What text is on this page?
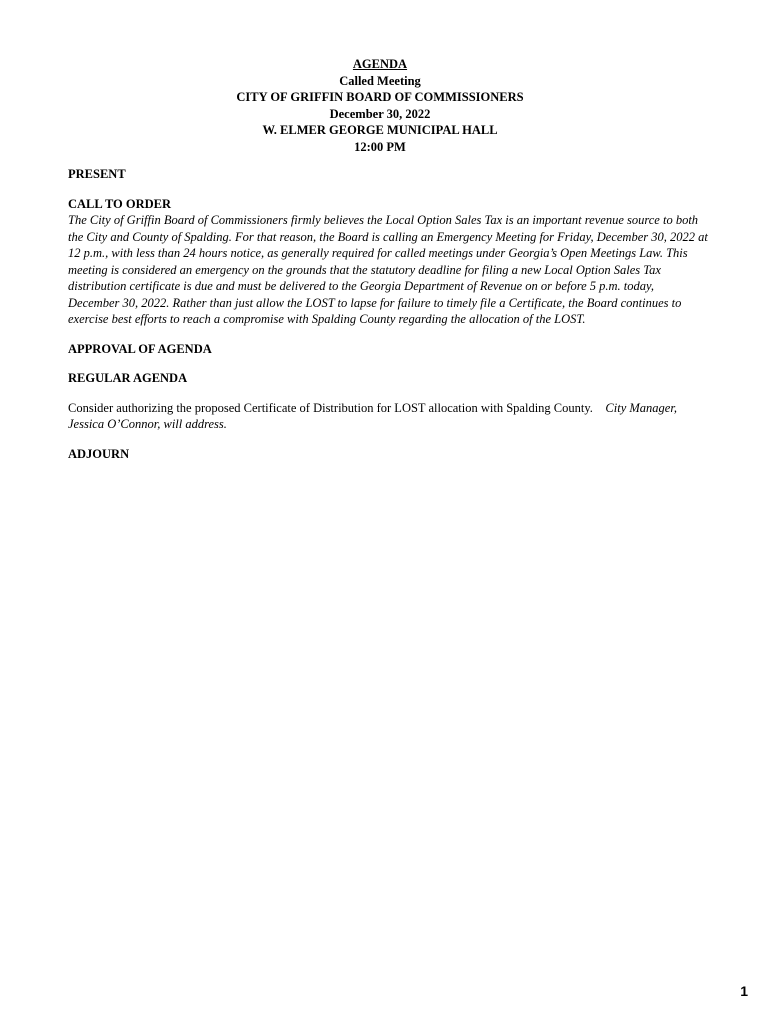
AGENDA
Called Meeting
CITY OF GRIFFIN BOARD OF COMMISSIONERS
December 30, 2022
W. ELMER GEORGE MUNICIPAL HALL
12:00 PM

PRESENT

CALL TO ORDER

The City of Griffin Board of Commissioners firmly believes the Local Option Sales Tax is an important revenue source to both the City and County of Spalding. For that reason, the Board is calling an Emergency Meeting for Friday, December 30, 2022 at 12 p.m., with less than 24 hours notice, as generally required for called meetings under Georgia’s Open Meetings Law. This meeting is considered an emergency on the grounds that the statutory deadline for filing a new Local Option Sales Tax distribution certificate is due and must be delivered to the Georgia Department of Revenue on or before 5 p.m. today, December 30, 2022. Rather than just allow the LOST to lapse for failure to timely file a Certificate, the Board continues to exercise best efforts to reach a compromise with Spalding County regarding the allocation of the LOST.

APPROVAL OF AGENDA

REGULAR AGENDA

Consider authorizing the proposed Certificate of Distribution for LOST allocation with Spalding County. City Manager, Jessica O’Connor, will address.

ADJOURN

1
